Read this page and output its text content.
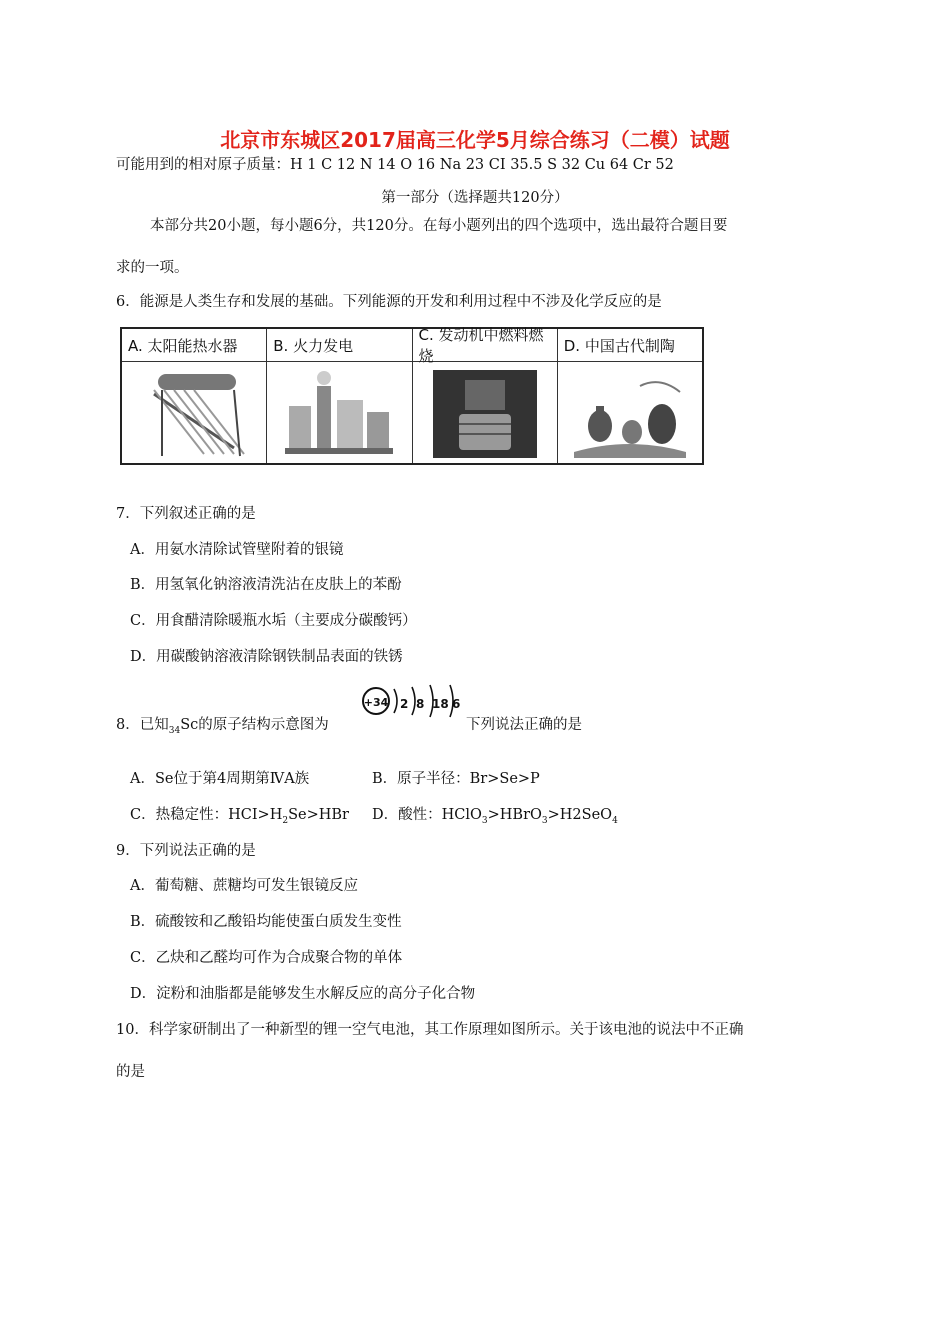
北京市东城区2017届高三化学5月综合练习（二模）试题
可能用到的相对原子质量：H 1 C 12 N 14 O 16 Na 23 CI 35.5 S 32 Cu 64 Cr 52
第一部分（选择题共120分）
本部分共20小题，每小题6分，共120分。在每小题列出的四个选项中，选出最符合题目要
求的一项。
6．能源是人类生存和发展的基础。下列能源的开发和利用过程中不涉及化学反应的是
A. 太阳能热水器	B. 火力发电
C. 发动机中燃料燃烧
D. 中国古代制陶
7．下列叙述正确的是
A．用氨水清除试管壁附着的银镜
B．用氢氧化钠溶液清洗沾在皮肤上的苯酚
C．用食醋清除暖瓶水垢（主要成分碳酸钙）
D．用碳酸钠溶液清除钢铁制品表面的铁锈
8．已知$_{34}$Sc的原子结构示意图为
+34 2 8 18 6
下列说法正确的是
A．Se位于第4周期第ⅣA族	B．原子半径：Br>Se>P
C．热稳定性：$HCI>H_2Se>HBr$ D．酸性：HClO$_3$>HBrO$_3$>H2SeO$_4$
9．下列说法正确的是
A．葡萄糖、蔗糖均可发生银镜反应
B．硫酸铵和乙酸铅均能使蛋白质发生变性
C．乙炔和乙醛均可作为合成聚合物的单体
D．淀粉和油脂都是能够发生水解反应的高分子化合物
10．科学家研制出了一种新型的锂一空气电池，其工作原理如图所示。关于该电池的说法中不正确
的是
